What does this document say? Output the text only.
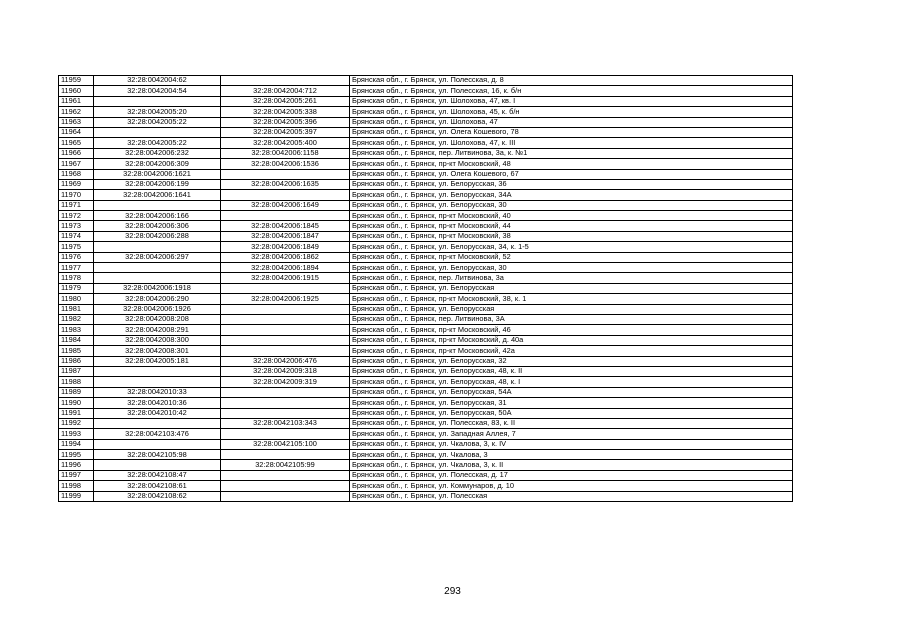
11959	32:28:0042004:62		Брянская обл., г. Брянск, ул. Полесская, д. 8
11960	32:28:0042004:54	32:28:0042004:712	Брянская обл., г. Брянск, ул. Полесская, 16, к. б/н
11961		32:28:0042005:261	Брянская обл., г. Брянск, ул. Шолохова, 47, кв. I
11962	32:28:0042005:20	32:28:0042005:338	Брянская обл., г. Брянск, ул. Шолохова, 45, к. б/н
11963	32:28:0042005:22	32:28:0042005:396	Брянская обл., г. Брянск, ул. Шолохова, 47
11964		32:28:0042005:397	Брянская обл., г. Брянск, ул. Олега Кошевого, 78
11965	32:28:0042005:22	32:28:0042005:400	Брянская обл., г. Брянск, ул. Шолохова, 47, к. III
11966	32:28:0042006:232	32:28:0042006:1158	Брянская обл., г. Брянск, пер. Литвинова, 3а, к. №1
11967	32:28:0042006:309	32:28:0042006:1536	Брянская обл., г. Брянск, пр-кт Московский, 48
11968	32:28:0042006:1621		Брянская обл., г. Брянск, ул. Олега Кошевого, 67
11969	32:28:0042006:199	32:28:0042006:1635	Брянская обл., г. Брянск, ул. Белорусская, 36
11970	32:28:0042006:1641		Брянская обл., г. Брянск, ул. Белорусская, 34А
11971		32:28:0042006:1649	Брянская обл., г. Брянск, ул. Белорусская, 30
11972	32:28:0042006:166		Брянская обл., г. Брянск, пр-кт Московский, 40
11973	32:28:0042006:306	32:28:0042006:1845	Брянская обл., г. Брянск, пр-кт Московский, 44
11974	32:28:0042006:288	32:28:0042006:1847	Брянская обл., г. Брянск, пр-кт Московский, 38
11975		32:28:0042006:1849	Брянская обл., г. Брянск, ул. Белорусская, 34, к. 1-5
11976	32:28:0042006:297	32:28:0042006:1862	Брянская обл., г. Брянск, пр-кт Московский, 52
11977		32:28:0042006:1894	Брянская обл., г. Брянск, ул. Белорусская, 30
11978		32:28:0042006:1915	Брянская обл., г. Брянск, пер. Литвинова, 3а
11979	32:28:0042006:1918		Брянская обл., г. Брянск, ул. Белорусская
11980	32:28:0042006:290	32:28:0042006:1925	Брянская обл., г. Брянск, пр-кт Московский, 38, к. 1
11981	32:28:0042006:1926		Брянская обл., г. Брянск, ул. Белорусская
11982	32:28:0042008:208		Брянская обл., г. Брянск, пер. Литвинова, 3А
11983	32:28:0042008:291		Брянская обл., г. Брянск, пр-кт Московский, 46
11984	32:28:0042008:300		Брянская обл., г. Брянск, пр-кт Московский, д. 40а
11985	32:28:0042008:301		Брянская обл., г. Брянск, пр-кт Московский, 42а
11986	32:28:0042005:181	32:28:0042006:476	Брянская обл., г. Брянск, ул. Белорусская, 32
11987		32:28:0042009:318	Брянская обл., г. Брянск, ул. Белорусская, 48, к. II
11988		32:28:0042009:319	Брянская обл., г. Брянск, ул. Белорусская, 48, к. I
11989	32:28:0042010:33		Брянская обл., г. Брянск, ул. Белорусская, 54А
11990	32:28:0042010:36		Брянская обл., г. Брянск, ул. Белорусская, 31
11991	32:28:0042010:42		Брянская обл., г. Брянск, ул. Белорусская, 50А
11992		32:28:0042103:343	Брянская обл., г. Брянск, ул. Полесская, 83, к. II
11993	32:28:0042103:476		Брянская обл., г. Брянск, ул. Западная Аллея, 7
11994		32:28:0042105:100	Брянская обл., г. Брянск, ул. Чкалова, 3, к. IV
11995	32:28:0042105:98		Брянская обл., г. Брянск, ул. Чкалова, 3
11996		32:28:0042105:99	Брянская обл., г. Брянск, ул. Чкалова, 3, к. II
11997	32:28:0042108:47		Брянская обл., г. Брянск, ул. Полесская, д. 17
11998	32:28:0042108:61		Брянская обл., г. Брянск, ул. Коммунаров, д. 10
11999	32:28:0042108:62		Брянская обл., г. Брянск, ул. Полесская
293
